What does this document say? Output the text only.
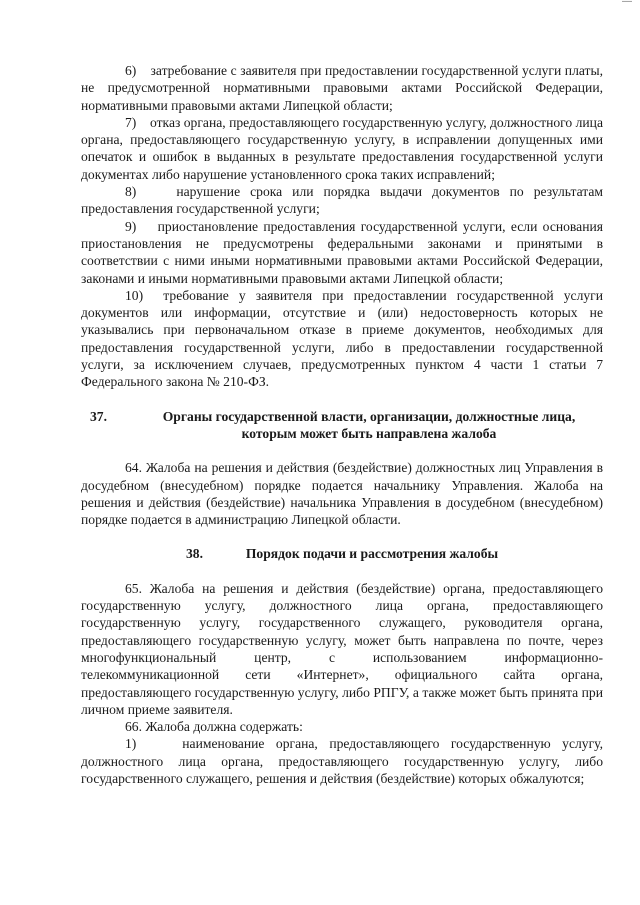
—

6) затребование с заявителя при предоставлении государственной услуги платы, не предусмотренной нормативными правовыми актами Российской Федерации, нормативными правовыми актами Липецкой области;

7) отказ органа, предоставляющего государственную услугу, должностного лица органа, предоставляющего государственную услугу, в исправлении допущенных ими опечаток и ошибок в выданных в результате предоставления государственной услуги документах либо нарушение установленного срока таких исправлений;

8)	нарушение срока или порядка выдачи документов по результатам предоставления государственной услуги;

9) приостановление предоставления государственной услуги, если основания приостановления не предусмотрены федеральными законами и принятыми в соответствии с ними иными нормативными правовыми актами Российской Федерации, законами и иными нормативными правовыми актами Липецкой области;

10) требование у заявителя при предоставлении государственной услуги документов или информации, отсутствие и (или) недостоверность которых не указывались при первоначальном отказе в приеме документов, необходимых для предоставления государственной услуги, либо в предоставлении государственной услуги, за исключением случаев, предусмотренных пунктом 4 части 1 статьи 7 Федерального закона № 210-ФЗ.

37.	Органы государственной власти, организации, должностные лица,
которым может быть направлена жалоба

64. Жалоба на решения и действия (бездействие) должностных лиц Управления в досудебном (внесудебном) порядке подается начальнику Управления. Жалоба на решения и действия (бездействие) начальника Управления в досудебном (внесудебном) порядке подается в администрацию Липецкой области.

38.	Порядок подачи и рассмотрения жалобы

65. Жалоба на решения и действия (бездействие) органа, предоставляющего государственную услугу, должностного лица органа, предоставляющего государственную услугу, государственного служащего, руководителя органа, предоставляющего государственную услугу, может быть направлена по почте, через многофункциональный центр, с использованием информационно-телекоммуникационной сети «Интернет», официального сайта органа, предоставляющего государственную услугу, либо РПГУ, а также может быть принята при личном приеме заявителя.

66. Жалоба должна содержать:

1)	наименование органа, предоставляющего государственную услугу, должностного лица органа, предоставляющего государственную услугу, либо государственного служащего, решения и действия (бездействие) которых обжалуются;
